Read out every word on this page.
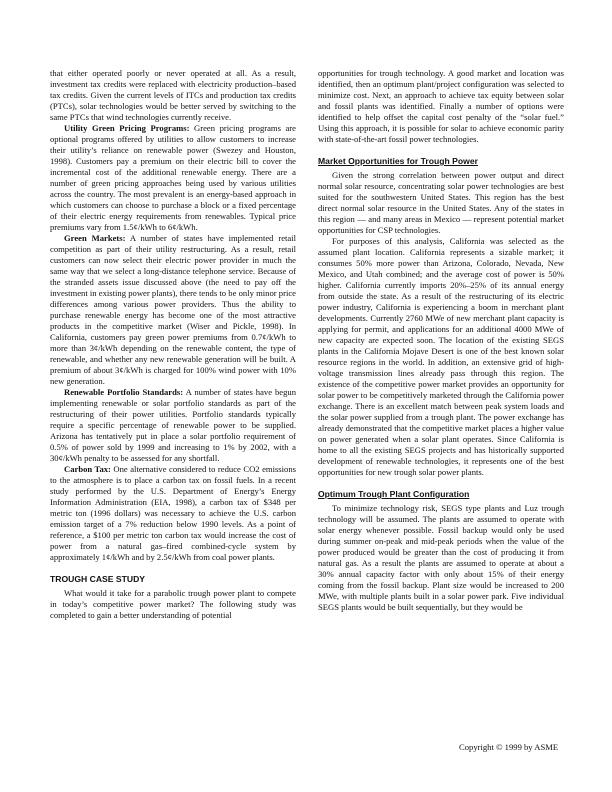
that either operated poorly or never operated at all. As a result, investment tax credits were replaced with electricity production–based tax credits. Given the current levels of ITCs and production tax credits (PTCs), solar technologies would be better served by switching to the same PTCs that wind technologies currently receive.

Utility Green Pricing Programs: Green pricing programs are optional programs offered by utilities to allow customers to increase their utility’s reliance on renewable power (Swezey and Houston, 1998). Customers pay a premium on their electric bill to cover the incremental cost of the additional renewable energy. There are a number of green pricing approaches being used by various utilities across the country. The most prevalent is an energy-based approach in which customers can choose to purchase a block or a fixed percentage of their electric energy requirements from renewables. Typical price premiums vary from 1.5¢/kWh to 6¢/kWh.

Green Markets: A number of states have implemented retail competition as part of their utility restructuring. As a result, retail customers can now select their electric power provider in much the same way that we select a long-distance telephone service. Because of the stranded assets issue discussed above (the need to pay off the investment in existing power plants), there tends to be only minor price differences among various power providers. Thus the ability to purchase renewable energy has become one of the most attractive products in the competitive market (Wiser and Pickle, 1998). In California, customers pay green power premiums from 0.7¢/kWh to more than 3¢/kWh depending on the renewable content, the type of renewable, and whether any new renewable generation will be built. A premium of about 3¢/kWh is charged for 100% wind power with 10% new generation.

Renewable Portfolio Standards: A number of states have begun implementing renewable or solar portfolio standards as part of the restructuring of their power utilities. Portfolio standards typically require a specific percentage of renewable power to be supplied. Arizona has tentatively put in place a solar portfolio requirement of 0.5% of power sold by 1999 and increasing to 1% by 2002, with a 30¢/kWh penalty to be assessed for any shortfall.

Carbon Tax: One alternative considered to reduce CO2 emissions to the atmosphere is to place a carbon tax on fossil fuels. In a recent study performed by the U.S. Department of Energy’s Energy Information Administration (EIA, 1998), a carbon tax of $348 per metric ton (1996 dollars) was necessary to achieve the U.S. carbon emission target of a 7% reduction below 1990 levels. As a point of reference, a $100 per metric ton carbon tax would increase the cost of power from a natural gas–fired combined-cycle system by approximately 1¢/kWh and by 2.5¢/kWh from coal power plants.

TROUGH CASE STUDY

What would it take for a parabolic trough power plant to compete in today’s competitive power market? The following study was completed to gain a better understanding of potential

opportunities for trough technology. A good market and location was identified, then an optimum plant/project configuration was selected to minimize cost. Next, an approach to achieve tax equity between solar and fossil plants was identified. Finally a number of options were identified to help offset the capital cost penalty of the “solar fuel.” Using this approach, it is possible for solar to achieve economic parity with state-of-the-art fossil power technologies.

Market Opportunities for Trough Power

Given the strong correlation between power output and direct normal solar resource, concentrating solar power technologies are best suited for the southwestern United States. This region has the best direct normal solar resource in the United States. Any of the states in this region — and many areas in Mexico — represent potential market opportunities for CSP technologies.

For purposes of this analysis, California was selected as the assumed plant location. California represents a sizable market; it consumes 50% more power than Arizona, Colorado, Nevada, New Mexico, and Utah combined; and the average cost of power is 50% higher. California currently imports 20%–25% of its annual energy from outside the state. As a result of the restructuring of its electric power industry, California is experiencing a boom in merchant plant developments. Currently 2760 MWe of new merchant plant capacity is applying for permit, and applications for an additional 4000 MWe of new capacity are expected soon. The location of the existing SEGS plants in the California Mojave Desert is one of the best known solar resource regions in the world. In addition, an extensive grid of high-voltage transmission lines already pass through this region. The existence of the competitive power market provides an opportunity for solar power to be competitively marketed through the California power exchange. There is an excellent match between peak system loads and the solar power supplied from a trough plant. The power exchange has already demonstrated that the competitive market places a higher value on power generated when a solar plant operates. Since California is home to all the existing SEGS projects and has historically supported development of renewable technologies, it represents one of the best opportunities for new trough solar power plants.

Optimum Trough Plant Configuration

To minimize technology risk, SEGS type plants and Luz trough technology will be assumed. The plants are assumed to operate with solar energy whenever possible. Fossil backup would only be used during summer on-peak and mid-peak periods when the value of the power produced would be greater than the cost of producing it from natural gas. As a result the plants are assumed to operate at about a 30% annual capacity factor with only about 15% of their energy coming from the fossil backup. Plant size would be increased to 200 MWe, with multiple plants built in a solar power park. Five individual SEGS plants would be built sequentially, but they would be

Copyright © 1999 by ASME
